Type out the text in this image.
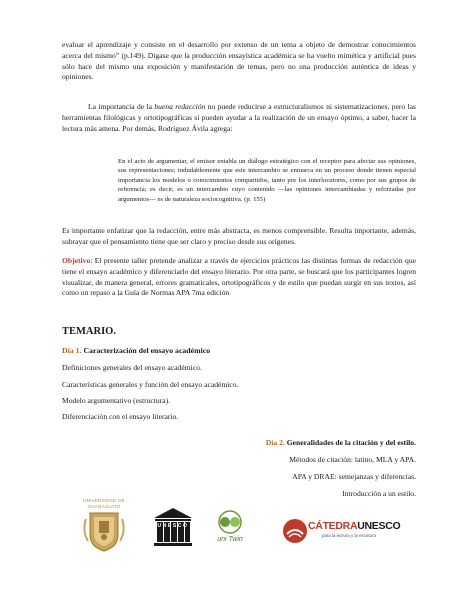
evaluar el aprendizaje y consiste en el desarrollo por extenso de un tema a objeto de demostrar conocimientos acerca del mismo” (p.149). Dígase que la producción ensayística académica se ha vuelto mimética y artificial pues sólo hace del mismo una exposición y manifestación de temas, pero no una producción auténtica de ideas y opiniones.

La importancia de la buena redacción no puede reducirse a estructuralismos ni sistematizaciones, pero las herramientas filológicas y ortotipográficas sí pueden ayudar a la realización de un ensayo óptimo, a saber, hacer la lectura más amena. Por demás, Rodríguez Ávila agrega:

En el acto de argumentar, el emisor entabla un diálogo estratégico con el receptor para afectar sus opiniones, sus representaciones; indudablemente que este intercambio se enmarca en un proceso donde tienen especial importancia los modelos o conocimientos compartidos, tanto por los interlocutores, como por sus grupos de referencia; es decir, es un intercambio cuyo contenido —las opiniones intercambiadas y reforzadas por argumentos— es de naturaleza sociocognitiva. (p. 155)

Es importante enfatizar que la redacción, entre más abstracta, es menos comprensible. Resulta importante, además, subrayar que el pensamiento tiene que ser claro y preciso desde sus orígenes.

Objetivo: El presente taller pretende analizar a través de ejercicios prácticos las distintas formas de redacción que tiene el ensayo académico y diferenciarlo del ensayo literario. Por otra parte, se buscará que los participantes logren visualizar, de manera general, errores gramaticales, ortotipográficos y de estilo que puedan surgir en sus textos, así como un repaso a la Guía de Normas APA 7ma edición

TEMARIO.
Día 1. Caracterización del ensayo académico
Definiciones generales del ensayo académico.
Características generales y función del ensayo académico.
Modelo argumentativo (estructura).
Diferenciación con el ensayo literario.
Día 2. Generalidades de la citación y del estilo.
Métodos de citación: latino, MLA y APA.
APA y DRAE: semejanzas y diferencias.
Introducción a un estilo.
UNIVERSIDAD DE
GUANAJUATO
UNESCO
uni Twin
CÁTEDRAUNESCO
para la lectura y la escritura
